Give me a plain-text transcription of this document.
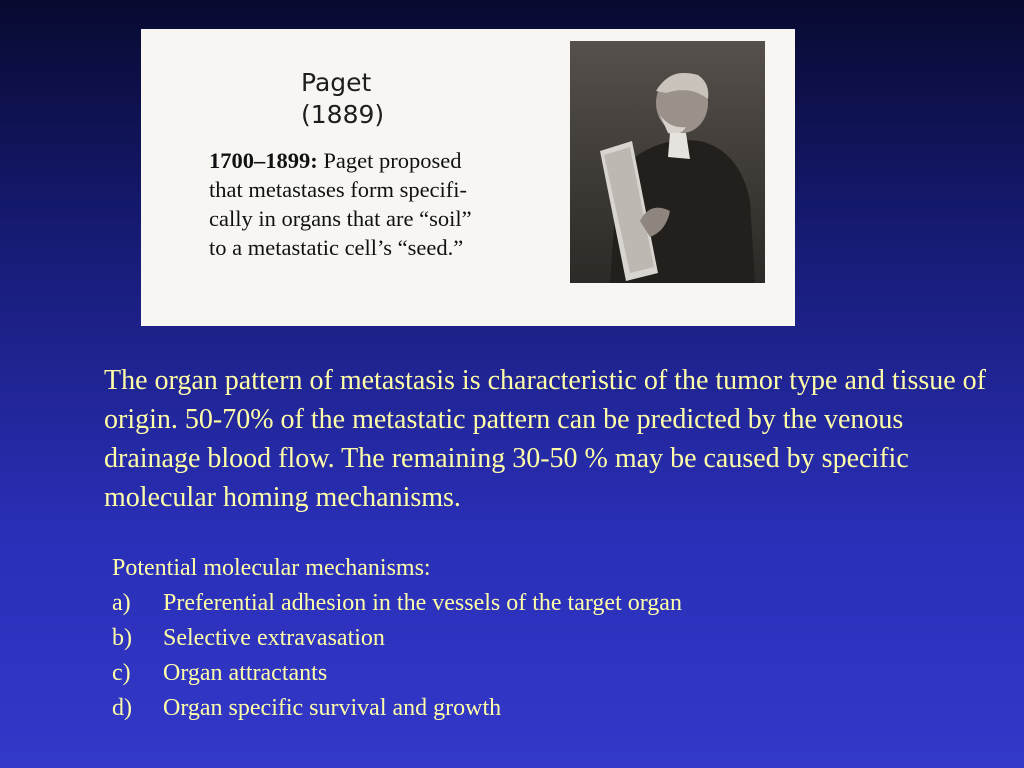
Paget
(1889)
1700–1899: Paget proposed
that metastases form specifi-
cally in organs that are “soil”
to a metastatic cell’s “seed.”
The organ pattern of metastasis is characteristic of the tumor type and tissue of origin. 50-70% of the metastatic pattern can be predicted by the venous drainage blood flow. The remaining 30-50 % may be caused by specific molecular homing mechanisms.
Potential molecular mechanisms:
a)	Preferential adhesion in the vessels of the target organ
b)	Selective extravasation
c)	Organ attractants
d)	Organ specific survival and growth
